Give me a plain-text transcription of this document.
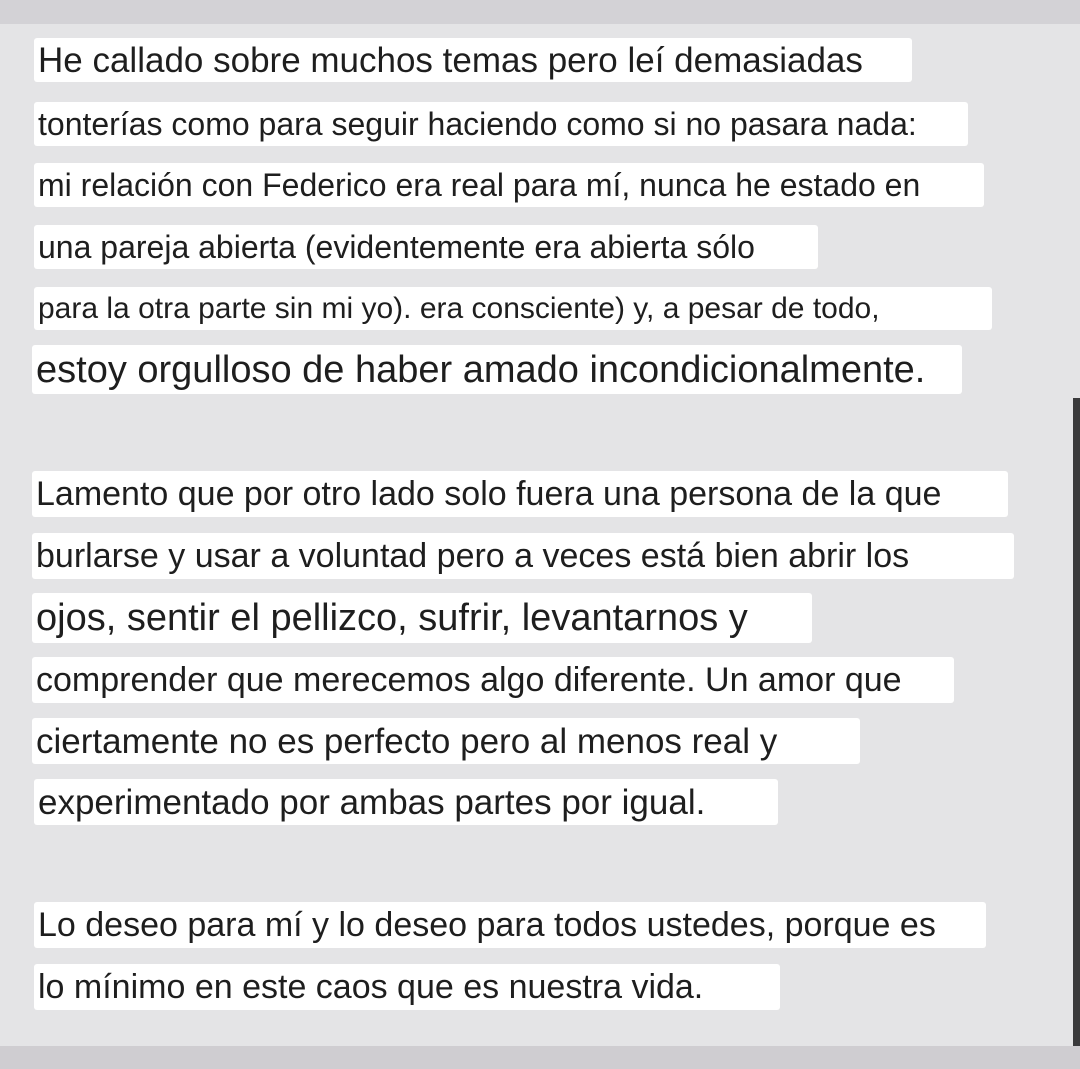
He callado sobre muchos temas pero leí demasiadas
tonterías como para seguir haciendo como si no pasara nada:
mi relación con Federico era real para mí, nunca he estado en
una pareja abierta (evidentemente era abierta sólo
para la otra parte sin mi yo). era consciente) y, a pesar de todo,
estoy orgulloso de haber amado incondicionalmente.
Lamento que por otro lado solo fuera una persona de la que
burlarse y usar a voluntad pero a veces está bien abrir los
ojos, sentir el pellizco, sufrir, levantarnos y
comprender que merecemos algo diferente. Un amor que
ciertamente no es perfecto pero al menos real y
experimentado por ambas partes por igual.
Lo deseo para mí y lo deseo para todos ustedes, porque es
lo mínimo en este caos que es nuestra vida.
